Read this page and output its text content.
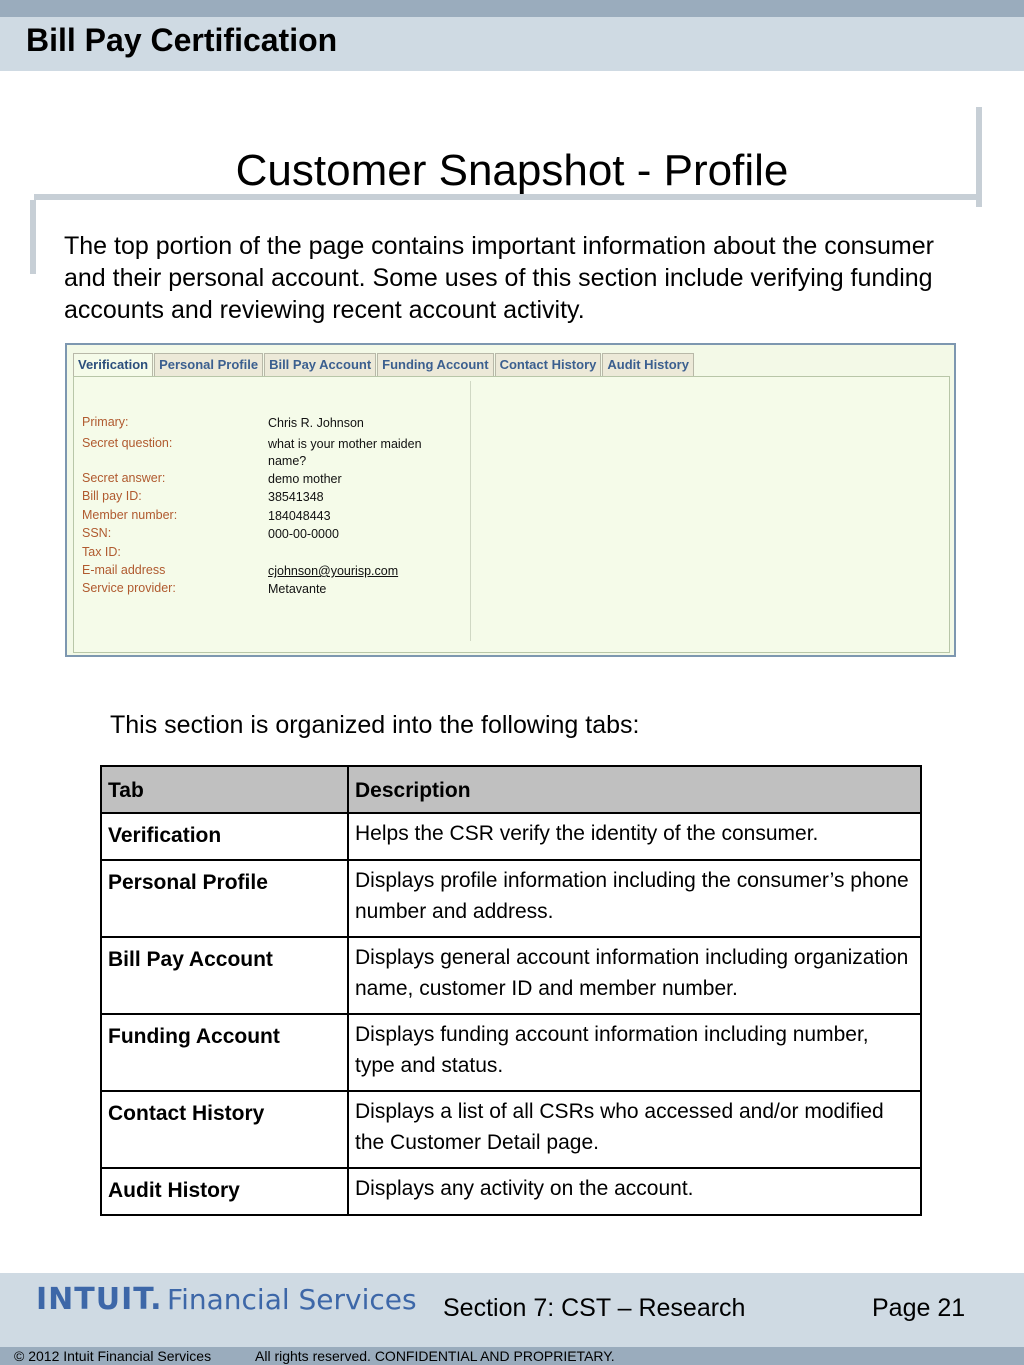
Bill Pay Certification
Customer Snapshot - Profile
The top portion of the page contains important information about the consumer and their personal account. Some uses of this section include verifying funding accounts and reviewing recent account activity.
Verification Personal Profile Bill Pay Account Funding Account Contact History Audit History
Primary:	Chris R. Johnson
Secret question:	what is your mother maiden
name?
Secret answer:	demo mother
Bill pay ID:	38541348
Member number:	184048443
SSN:	000-00-0000
Tax ID:
E-mail address	cjohnson@yourisp.com
Service provider:	Metavante
This section is organized into the following tabs:
Tab	Description
Verification	Helps the CSR verify the identity of the consumer.
Personal Profile	Displays profile information including the consumer’s phone number and address.
Bill Pay Account	Displays general account information including organization name, customer ID and member number.
Funding Account	Displays funding account information including number, type and status.
Contact History	Displays a list of all CSRs who accessed and/or modified the Customer Detail page.
Audit History	Displays any activity on the account.
INTUIT. Financial Services Section 7: CST – Research	Page 21
© 2012 Intuit Financial Services	All rights reserved. CONFIDENTIAL AND PROPRIETARY.
